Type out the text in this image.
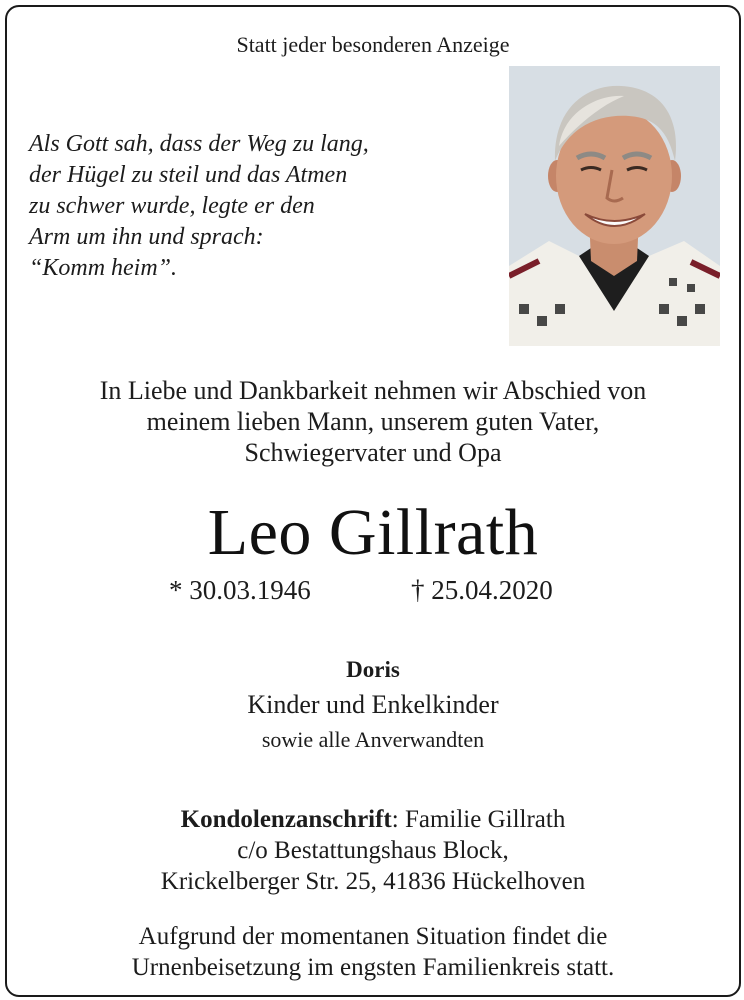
Statt jeder besonderen Anzeige
Als Gott sah, dass der Weg zu lang,
der Hügel zu steil und das Atmen
zu schwer wurde, legte er den
Arm um ihn und sprach:
“Komm heim”.
In Liebe und Dankbarkeit nehmen wir Abschied von
meinem lieben Mann, unserem guten Vater,
Schwiegervater und Opa
Leo Gillrath
* 30.03.1946	† 25.04.2020
Doris
Kinder und Enkelkinder
sowie alle Anverwandten
Kondolenzanschrift: Familie Gillrath
c/o Bestattungshaus Block,
Krickelberger Str. 25, 41836 Hückelhoven
Aufgrund der momentanen Situation findet die
Urnenbeisetzung im engsten Familienkreis statt.
